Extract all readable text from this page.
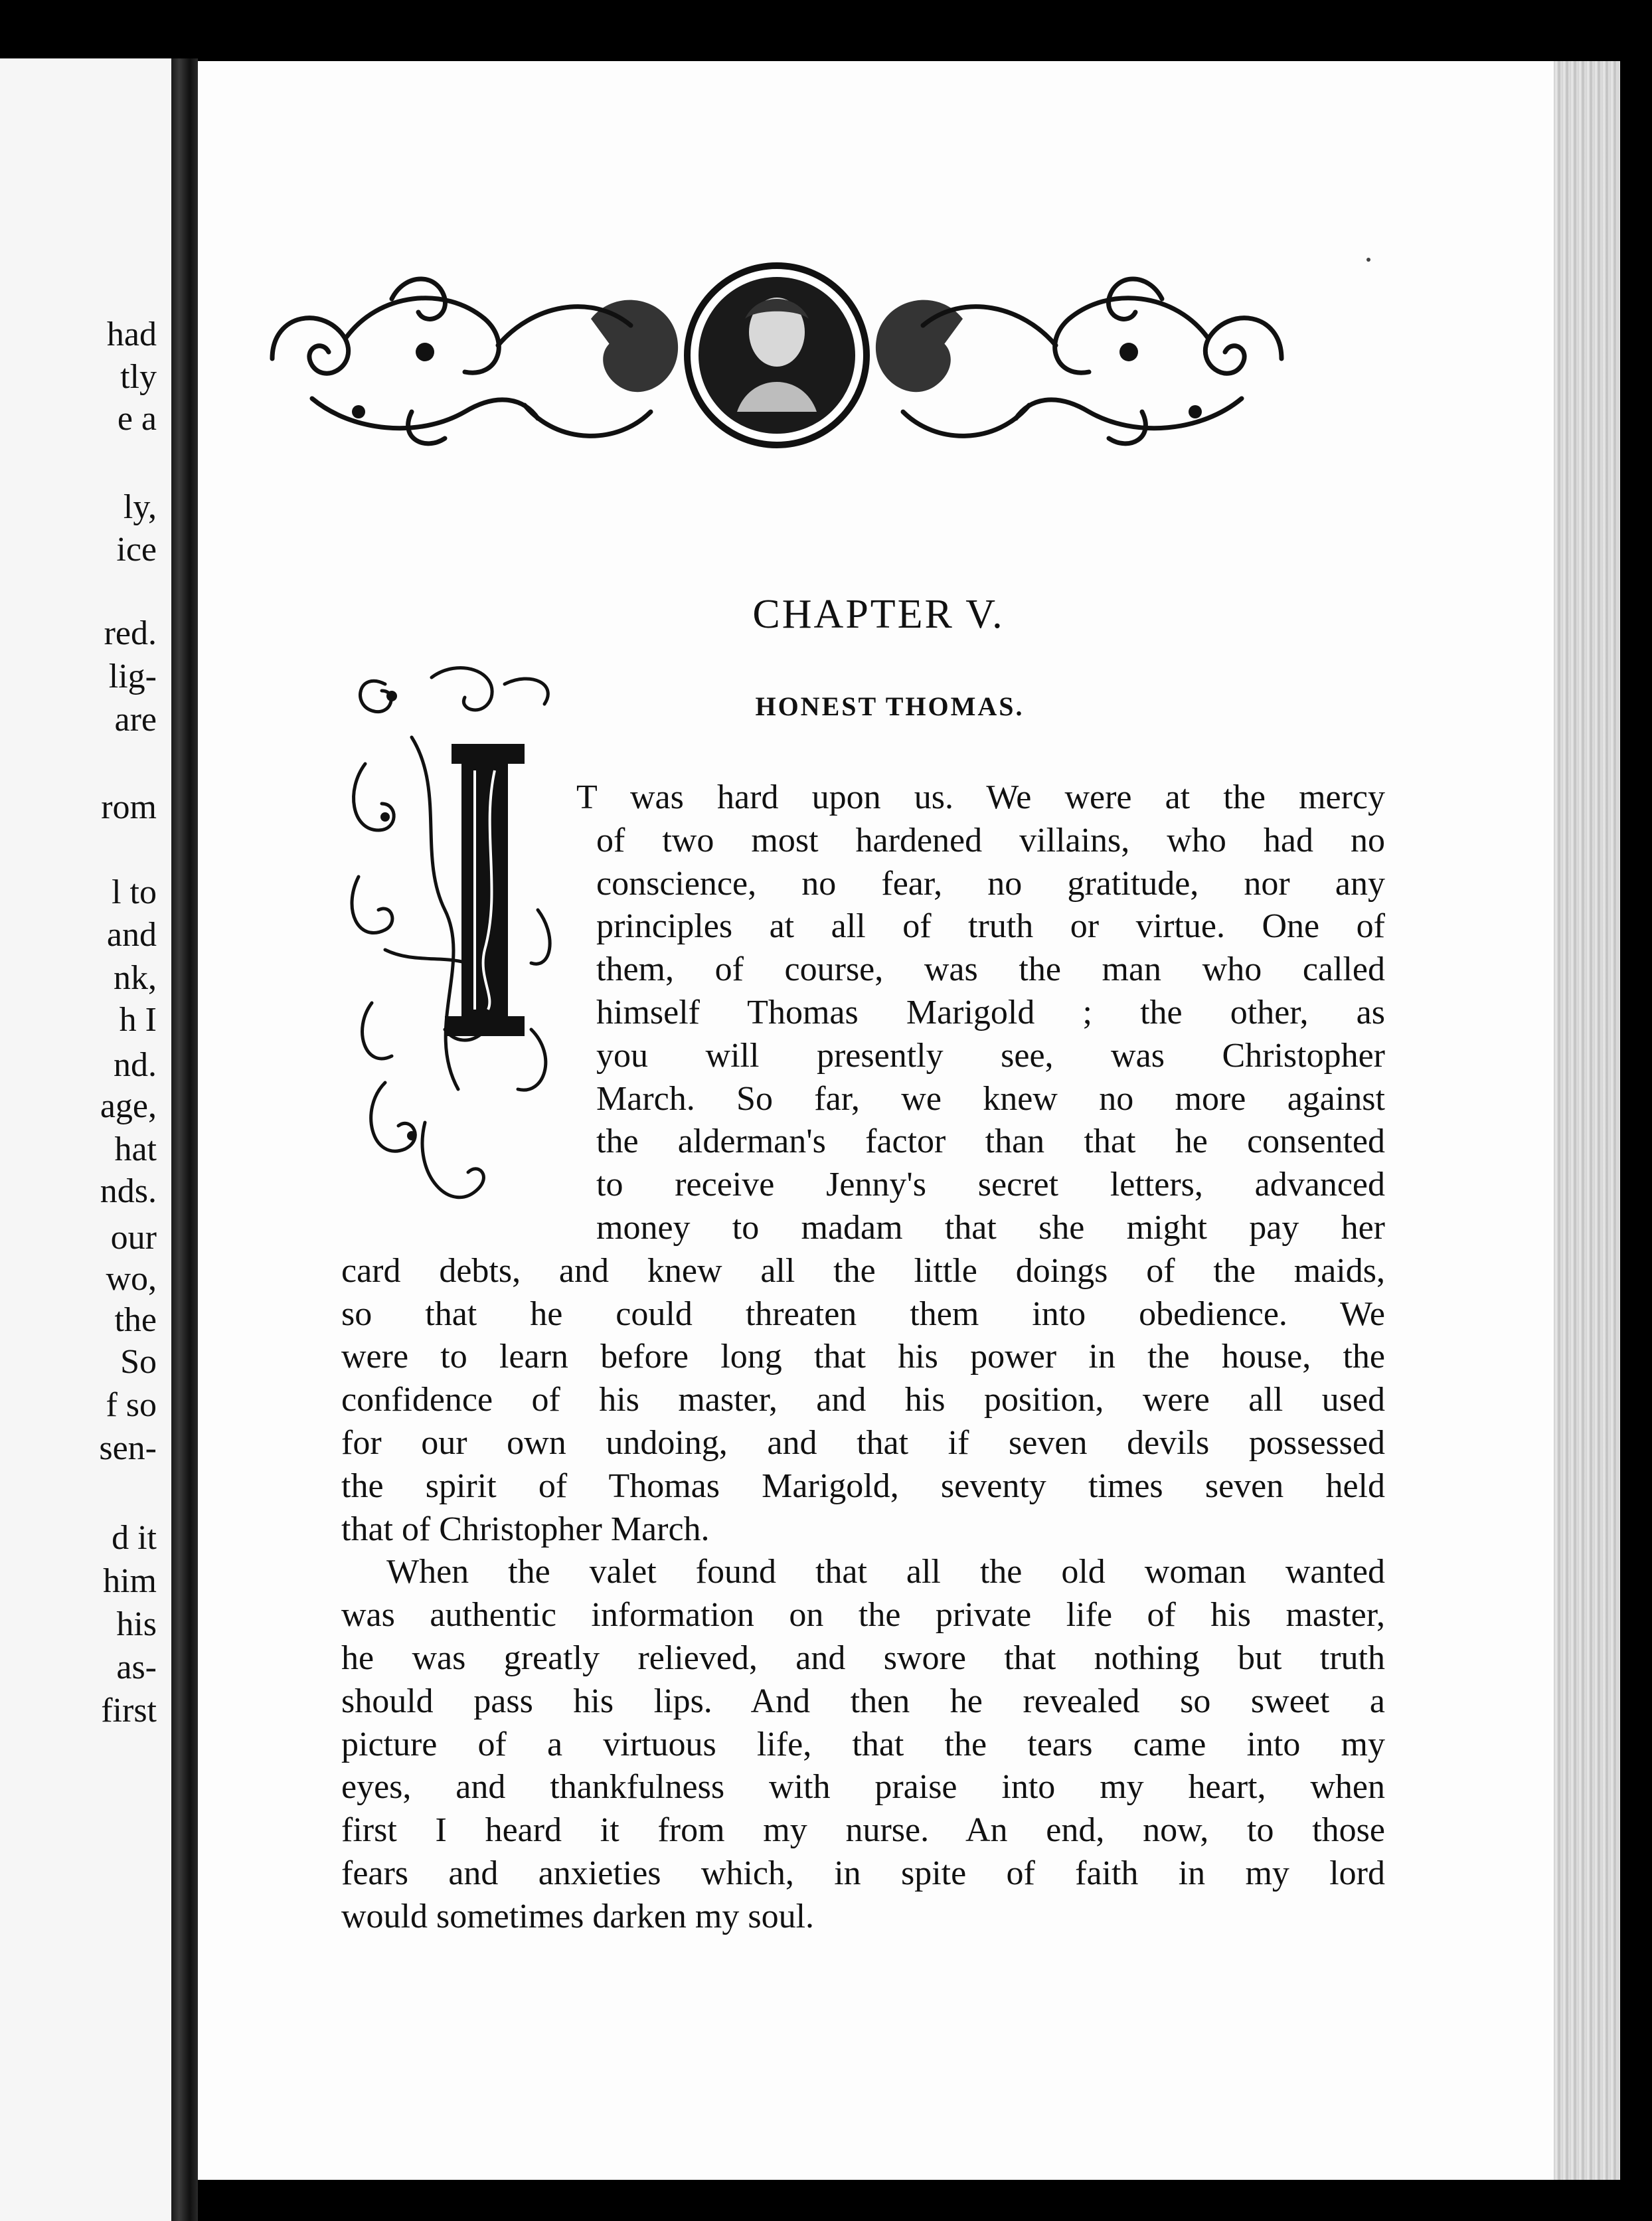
had
tly
e a
ly,
ice
red.
lig-
are
rom
l to
and
nk,
h I
nd.
age,
hat
nds.
our
wo,
the
So
f so
sen-
d it
him
his
as-
first
CHAPTER V.
HONEST THOMAS.
T was hard upon us. We were at the mercy
of two most hardened villains, who had no
conscience, no fear, no gratitude, nor any
principles at all of truth or virtue. One of
them, of course, was the man who called
himself Thomas Marigold ; the other, as
you will presently see, was Christopher
March. So far, we knew no more against
the alderman's factor than that he consented
to receive Jenny's secret letters, advanced
money to madam that she might pay her
card debts, and knew all the little doings of the maids,
so that he could threaten them into obedience. We
were to learn before long that his power in the house, the
confidence of his master, and his position, were all used
for our own undoing, and that if seven devils possessed
the spirit of Thomas Marigold, seventy times seven held
that of Christopher March.
When the valet found that all the old woman wanted
was authentic information on the private life of his master,
he was greatly relieved, and swore that nothing but truth
should pass his lips. And then he revealed so sweet a
picture of a virtuous life, that the tears came into my
eyes, and thankfulness with praise into my heart, when
first I heard it from my nurse. An end, now, to those
fears and anxieties which, in spite of faith in my lord
would sometimes darken my soul.
